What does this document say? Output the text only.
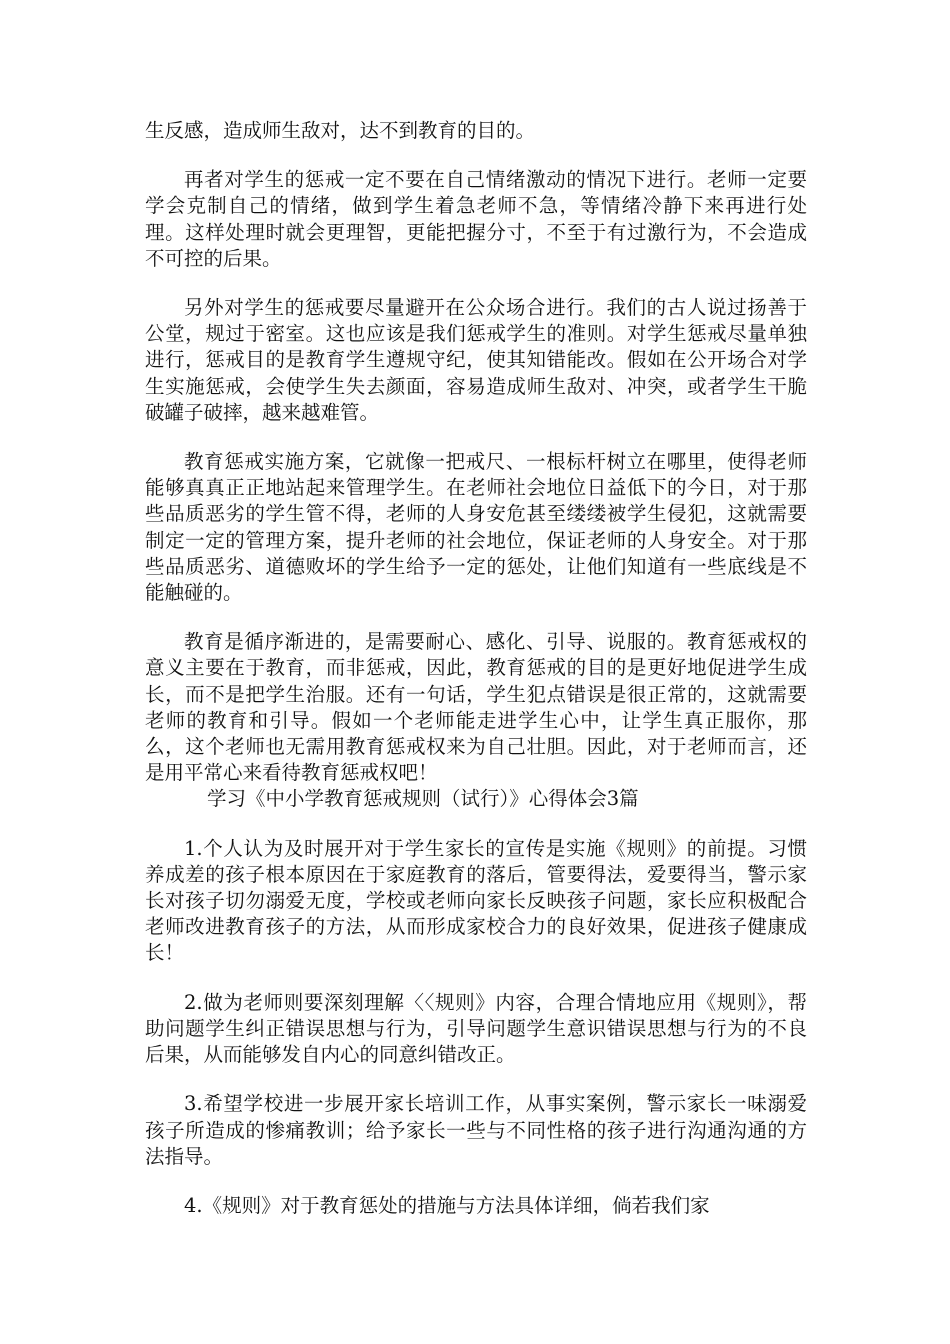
生反感，造成师生敌对，达不到教育的目的。

再者对学生的惩戒一定不要在自己情绪激动的情况下进行。老师一定要学会克制自己的情绪，做到学生着急老师不急，等情绪冷静下来再进行处理。这样处理时就会更理智，更能把握分寸，不至于有过激行为，不会造成不可控的后果。

另外对学生的惩戒要尽量避开在公众场合进行。我们的古人说过扬善于公堂，规过于密室。这也应该是我们惩戒学生的准则。对学生惩戒尽量单独进行，惩戒目的是教育学生遵规守纪，使其知错能改。假如在公开场合对学生实施惩戒，会使学生失去颜面，容易造成师生敌对、冲突，或者学生干脆破罐子破摔，越来越难管。

教育惩戒实施方案，它就像一把戒尺、一根标杆树立在哪里，使得老师能够真真正正地站起来管理学生。在老师社会地位日益低下的今日，对于那些品质恶劣的学生管不得，老师的人身安危甚至缕缕被学生侵犯，这就需要制定一定的管理方案，提升老师的社会地位，保证老师的人身安全。对于那些品质恶劣、道德败坏的学生给予一定的惩处，让他们知道有一些底线是不能触碰的。

教育是循序渐进的，是需要耐心、感化、引导、说服的。教育惩戒权的意义主要在于教育，而非惩戒，因此，教育惩戒的目的是更好地促进学生成长，而不是把学生治服。还有一句话，学生犯点错误是很正常的，这就需要老师的教育和引导。假如一个老师能走进学生心中，让学生真正服你，那么，这个老师也无需用教育惩戒权来为自己壮胆。因此，对于老师而言，还是用平常心来看待教育惩戒权吧！

学习《中小学教育惩戒规则（试行）》心得体会3篇

1.个人认为及时展开对于学生家长的宣传是实施《规则》的前提。习惯养成差的孩子根本原因在于家庭教育的落后，管要得法，爱要得当，警示家长对孩子切勿溺爱无度，学校或老师向家长反映孩子问题，家长应积极配合老师改进教育孩子的方法，从而形成家校合力的良好效果，促进孩子健康成长！

2.做为老师则要深刻理解〈〈规则》内容，合理合情地应用《规则》，帮助问题学生纠正错误思想与行为，引导问题学生意识错误思想与行为的不良后果，从而能够发自内心的同意纠错改正。

3.希望学校进一步展开家长培训工作，从事实案例，警示家长一味溺爱孩子所造成的惨痛教训；给予家长一些与不同性格的孩子进行沟通沟通的方法指导。

4.《规则》对于教育惩处的措施与方法具体详细，倘若我们家
